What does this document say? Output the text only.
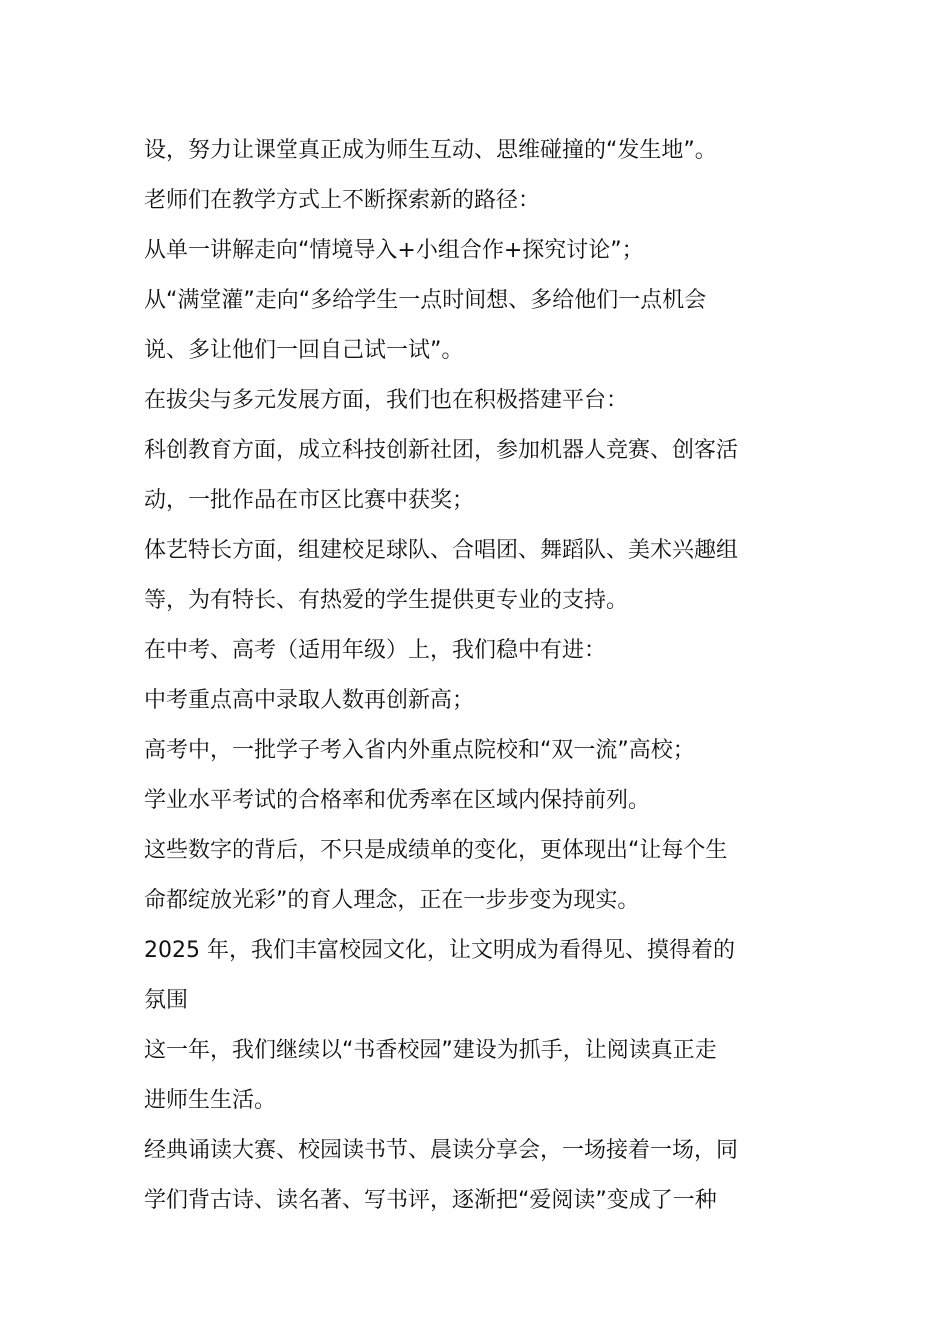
设，努力让课堂真正成为师生互动、思维碰撞的“发生地”。

老师们在教学方式上不断探索新的路径：

从单一讲解走向“情境导入+小组合作+探究讨论”；

从“满堂灌”走向“多给学生一点时间想、多给他们一点机会

说、多让他们一回自己试一试”。

在拔尖与多元发展方面，我们也在积极搭建平台：

科创教育方面，成立科技创新社团，参加机器人竞赛、创客活

动，一批作品在市区比赛中获奖；

体艺特长方面，组建校足球队、合唱团、舞蹈队、美术兴趣组

等，为有特长、有热爱的学生提供更专业的支持。

在中考、高考（适用年级）上，我们稳中有进：

中考重点高中录取人数再创新高；

高考中，一批学子考入省内外重点院校和“双一流”高校；

学业水平考试的合格率和优秀率在区域内保持前列。

这些数字的背后，不只是成绩单的变化，更体现出“让每个生

命都绽放光彩”的育人理念，正在一步步变为现实。

2025 年，我们丰富校园文化，让文明成为看得见、摸得着的

氛围

这一年，我们继续以“书香校园”建设为抓手，让阅读真正走

进师生生活。

经典诵读大赛、校园读书节、晨读分享会，一场接着一场，同

学们背古诗、读名著、写书评，逐渐把“爱阅读”变成了一种
